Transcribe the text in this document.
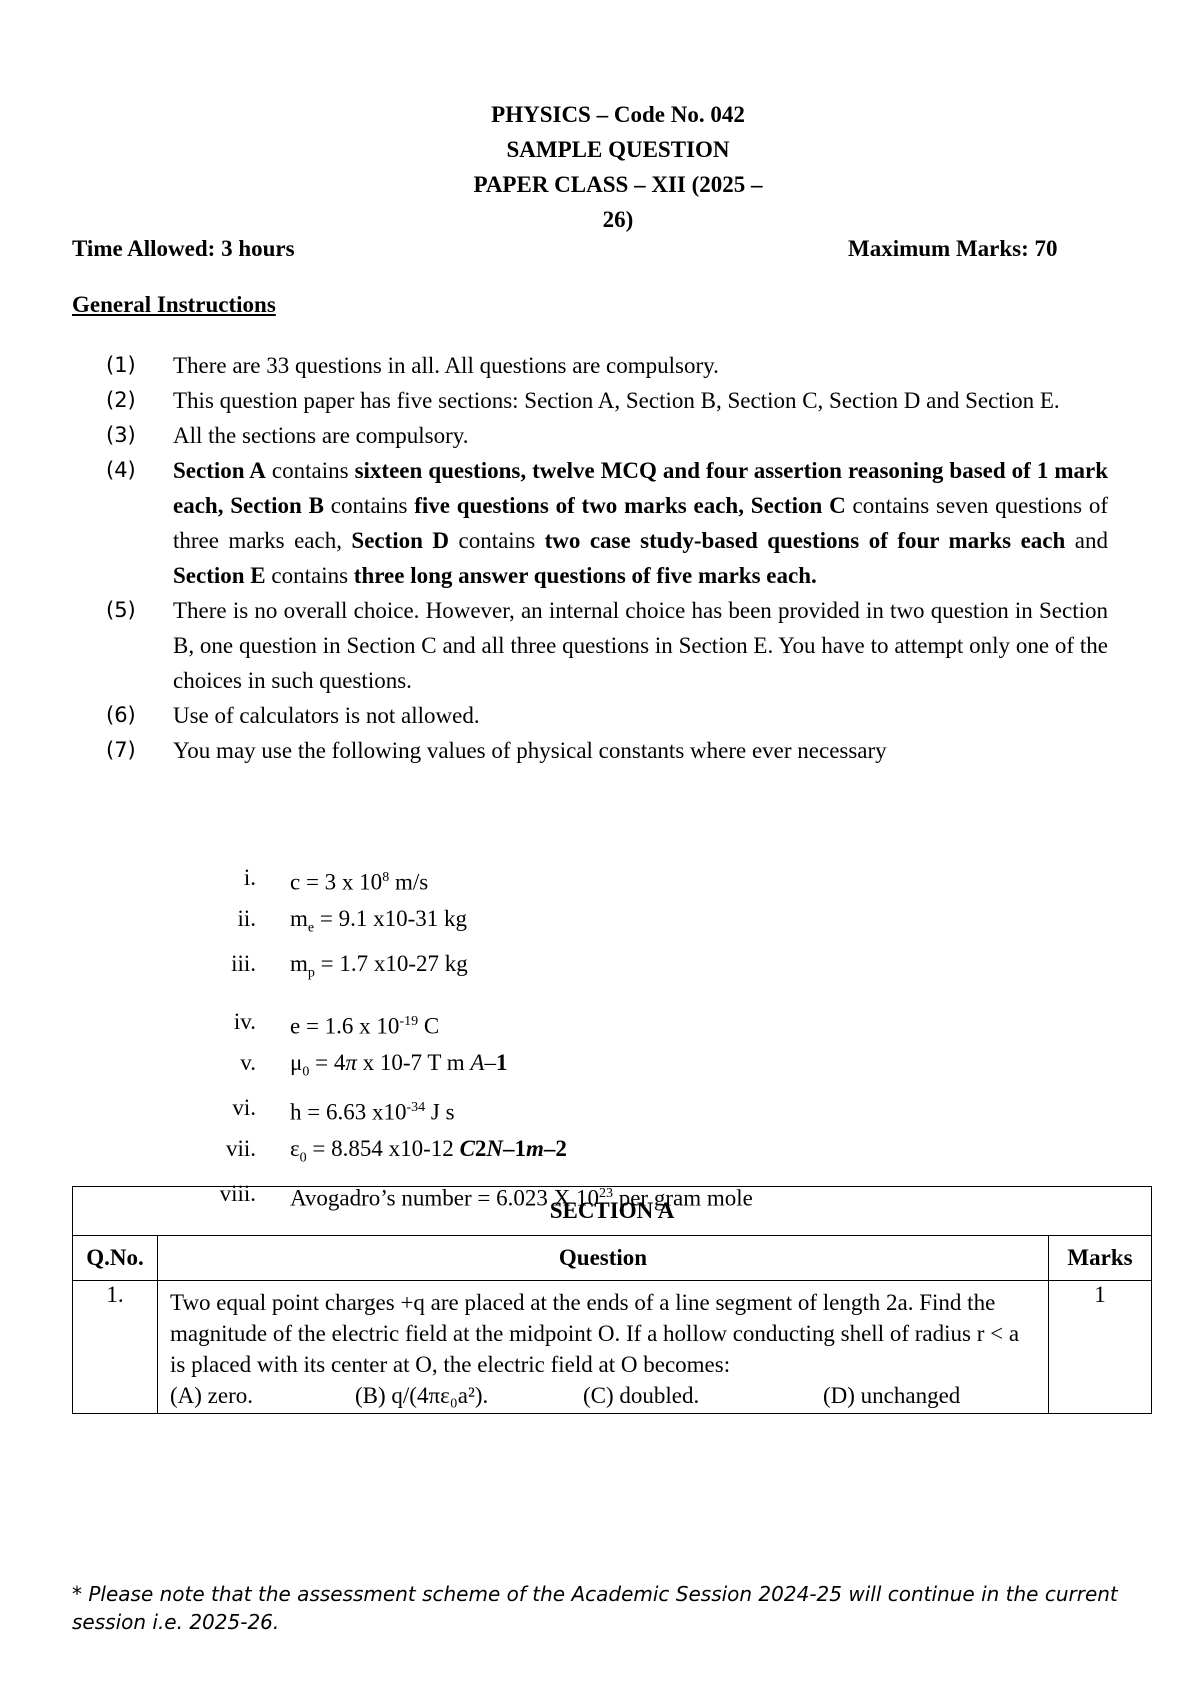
PHYSICS – Code No. 042
SAMPLE QUESTION
PAPER CLASS – XII (2025 –
26)
Time Allowed: 3 hours	Maximum Marks: 70
General Instructions
(1)	There are 33 questions in all. All questions are compulsory.
(2)	This question paper has five sections: Section A, Section B, Section C, Section D and Section E.
(3)	All the sections are compulsory.
(4)	Section A contains sixteen questions, twelve MCQ and four assertion reasoning based of 1 mark each, Section B contains five questions of two marks each, Section C contains seven questions of three marks each, Section D contains two case study-based questions of four marks each and Section E contains three long answer questions of five marks each.
(5)	There is no overall choice. However, an internal choice has been provided in two question in Section B, one question in Section C and all three questions in Section E. You have to attempt only one of the choices in such questions.
(6)	Use of calculators is not allowed.
(7)	You may use the following values of physical constants where ever necessary
i.	c = 3 x $10^8$ m/s
ii.	$m_e = 9.1$ x10-31 kg
iii.	$m_p = 1.7$ x10-27 kg
iv.	e = 1.6 x $10^{-19}$ C
v.	$\mu_0 = 4\pi$ x 10-7 T m A–1
vi.	h = 6.63 $x10^{-34}$ J s
vii.	$\varepsilon_0 = 8.854$ x10-12 C2N–1m–2
viii.	Avogadro’s number = 6.023 X $10^{23}$ per gram mole
SECTION A		
Q.No.	Question	Marks
1.	Two equal point charges +q are placed at the ends of a line segment of length 2a. Find the magnitude of the electric field at the midpoint O. If a hollow conducting shell of radius r < a is placed with its center at O, the electric field at O becomes:
(A) zero. (B) q/(4πε₀a²). (C) doubled. (D) unchanged	1
* Please note that the assessment scheme of the Academic Session 2024-25 will continue in the current session i.e. 2025-26.
